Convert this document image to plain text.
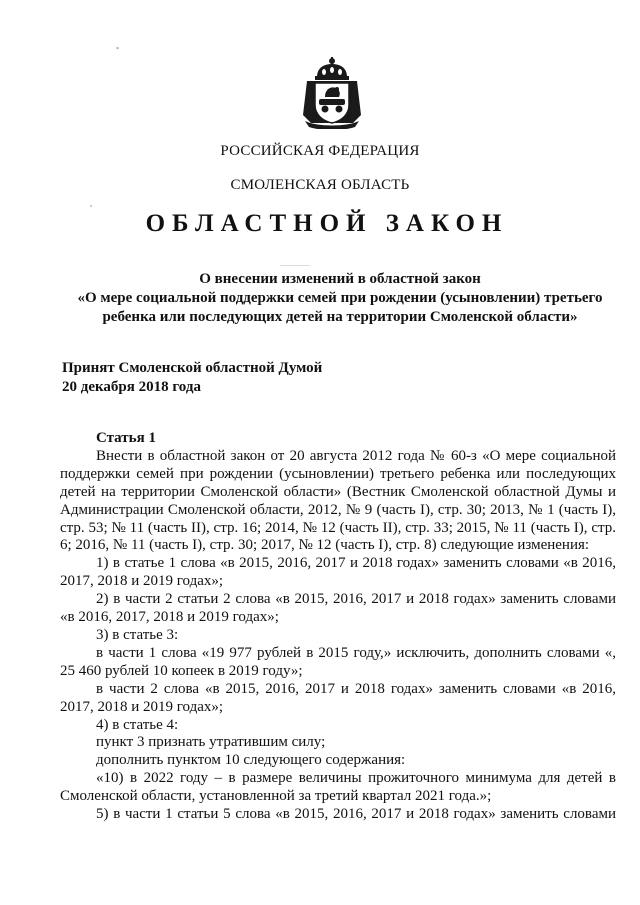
РОССИЙСКАЯ ФЕДЕРАЦИЯ
СМОЛЕНСКАЯ ОБЛАСТЬ
ОБЛАСТНОЙ ЗАКОН
О внесении изменений в областной закон
«О мере социальной поддержки семей при рождении (усыновлении) третьего
ребенка или последующих детей на территории Смоленской области»
Принят Смоленской областной Думой
20 декабря 2018 года

Статья 1

Внести в областной закон от 20 августа 2012 года № 60-з «О мере социальной поддержки семей при рождении (усыновлении) третьего ребенка или последующих детей на территории Смоленской области» (Вестник Смоленской областной Думы и Администрации Смоленской области, 2012, № 9 (часть I), стр. 30; 2013, № 1 (часть I), стр. 53; № 11 (часть II), стр. 16; 2014, № 12 (часть II), стр. 33; 2015, № 11 (часть I), стр. 6; 2016, № 11 (часть I), стр. 30; 2017, № 12 (часть I), стр. 8) следующие изменения:

1) в статье 1 слова «в 2015, 2016, 2017 и 2018 годах» заменить словами «в 2016, 2017, 2018 и 2019 годах»;

2) в части 2 статьи 2 слова «в 2015, 2016, 2017 и 2018 годах» заменить словами «в 2016, 2017, 2018 и 2019 годах»;

3) в статье 3:

в части 1 слова «19 977 рублей в 2015 году,» исключить, дополнить словами «, 25 460 рублей 10 копеек в 2019 году»;

в части 2 слова «в 2015, 2016, 2017 и 2018 годах» заменить словами «в 2016, 2017, 2018 и 2019 годах»;

4) в статье 4:

пункт 3 признать утратившим силу;

дополнить пунктом 10 следующего содержания:

«10) в 2022 году – в размере величины прожиточного минимума для детей в Смоленской области, установленной за третий квартал 2021 года.»;

5) в части 1 статьи 5 слова «в 2015, 2016, 2017 и 2018 годах» заменить словами
